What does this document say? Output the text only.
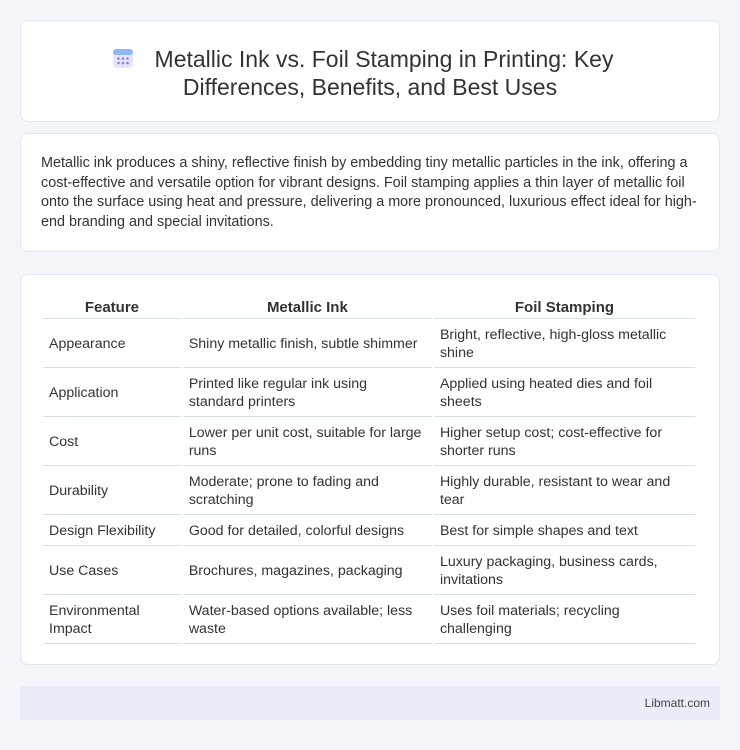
Metallic Ink vs. Foil Stamping in Printing: Key
Differences, Benefits, and Best Uses

Metallic ink produces a shiny, reflective finish by embedding tiny metallic particles in the ink, offering a cost-effective and versatile option for vibrant designs. Foil stamping applies a thin layer of metallic foil onto the surface using heat and pressure, delivering a more pronounced, luxurious effect ideal for high-end branding and special invitations.

Feature	Metallic Ink	Foil Stamping
Appearance	Shiny metallic finish, subtle shimmer	Bright, reflective, high-gloss metallic shine
Application	Printed like regular ink using standard printers	Applied using heated dies and foil sheets
Cost	Lower per unit cost, suitable for large runs	Higher setup cost; cost-effective for shorter runs
Durability	Moderate; prone to fading and scratching	Highly durable, resistant to wear and tear
Design Flexibility	Good for detailed, colorful designs	Best for simple shapes and text
Use Cases	Brochures, magazines, packaging	Luxury packaging, business cards, invitations
Environmental Impact	Water-based options available; less waste	Uses foil materials; recycling challenging
Libmatt.com
